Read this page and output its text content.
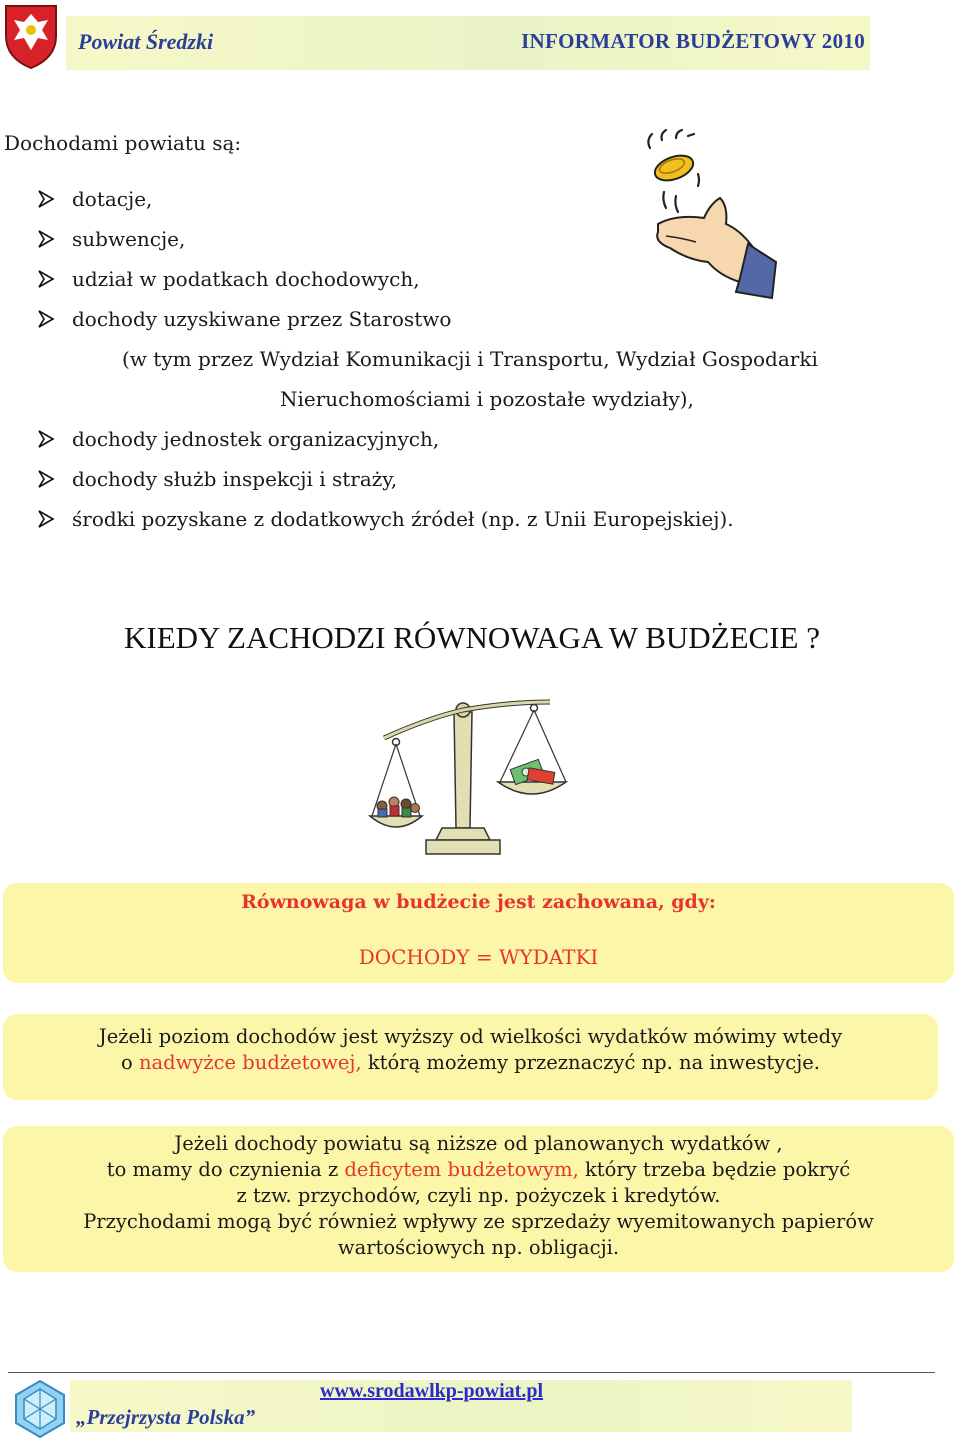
Powiat Średzki	INFORMATOR BUDŻETOWY 2010
Dochodami powiatu są:
dotacje,
subwencje,
udział w podatkach dochodowych,
dochody uzyskiwane przez Starostwo
(w tym przez Wydział Komunikacji i Transportu, Wydział Gospodarki
Nieruchomościami i pozostałe wydziały),
dochody jednostek organizacyjnych,
dochody służb inspekcji i straży,
środki pozyskane z dodatkowych źródeł (np. z Unii Europejskiej).
KIEDY ZACHODZI RÓWNOWAGA W BUDŻECIE ?
Równowaga w budżecie jest zachowana, gdy:
DOCHODY = WYDATKI
Jeżeli poziom dochodów jest wyższy od wielkości wydatków mówimy wtedy
o nadwyżce budżetowej, którą możemy przeznaczyć np. na inwestycje.
Jeżeli dochody powiatu są niższe od planowanych wydatków ,
to mamy do czynienia z deficytem budżetowym, który trzeba będzie pokryć
z tzw. przychodów, czyli np. pożyczek i kredytów.
Przychodami mogą być również wpływy ze sprzedaży wyemitowanych papierów
wartościowych np. obligacji.
www.srodawlkp-powiat.pl
„Przejrzysta Polska”
